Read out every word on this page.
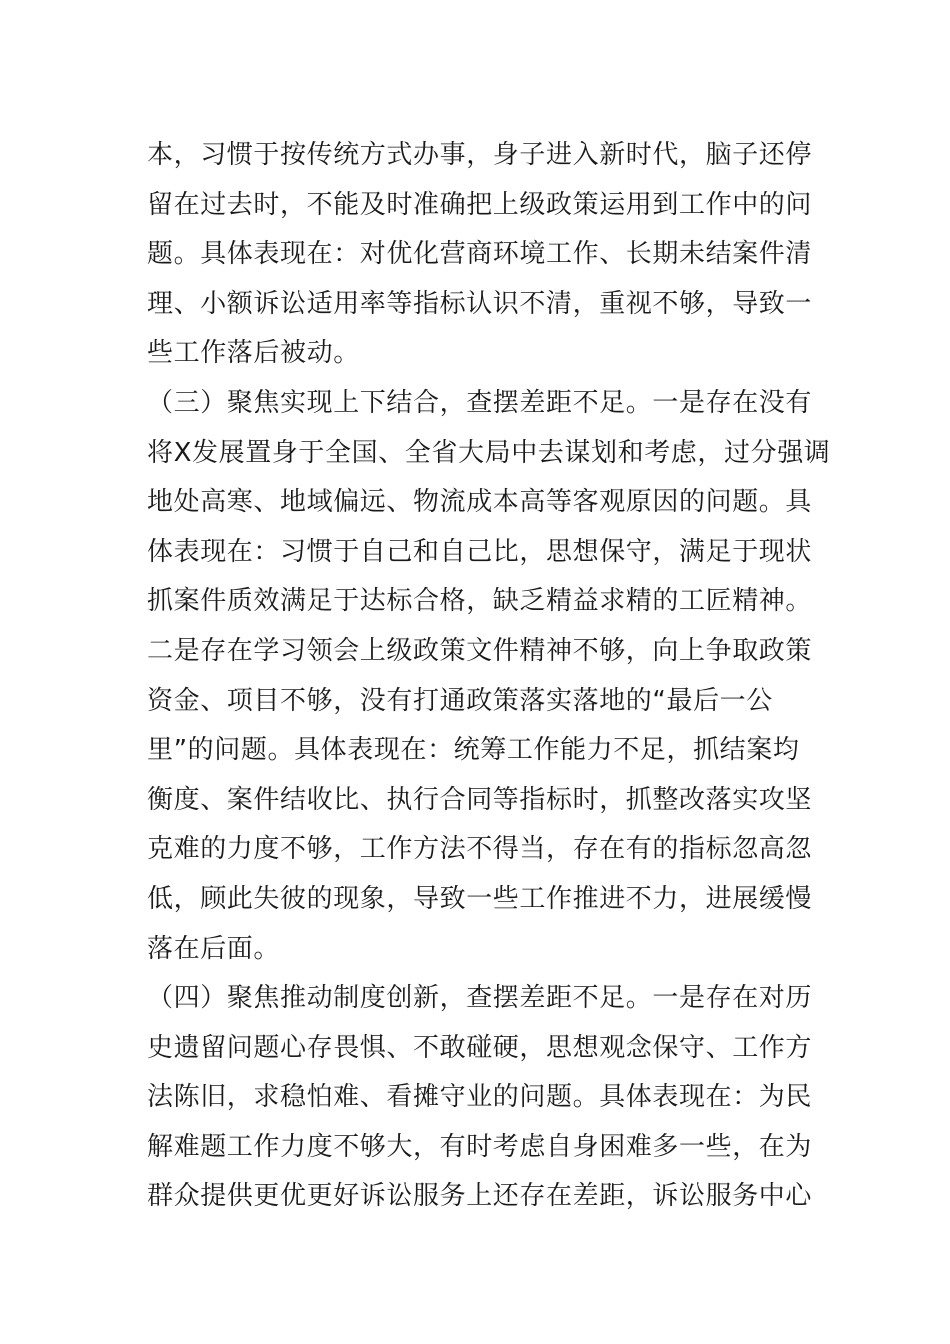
本，习惯于按传统方式办事，身子进入新时代，脑子还停
留在过去时，不能及时准确把上级政策运用到工作中的问
题。具体表现在：对优化营商环境工作、长期未结案件清
理、小额诉讼适用率等指标认识不清，重视不够，导致一
些工作落后被动。
（三）聚焦实现上下结合，查摆差距不足。一是存在没有
将X发展置身于全国、全省大局中去谋划和考虑，过分强调
地处高寒、地域偏远、物流成本高等客观原因的问题。具
体表现在：习惯于自己和自己比，思想保守，满足于现状
抓案件质效满足于达标合格，缺乏精益求精的工匠精神。
二是存在学习领会上级政策文件精神不够，向上争取政策
资金、项目不够，没有打通政策落实落地的“最后一公
里”的问题。具体表现在：统筹工作能力不足，抓结案均
衡度、案件结收比、执行合同等指标时，抓整改落实攻坚
克难的力度不够，工作方法不得当，存在有的指标忽高忽
低，顾此失彼的现象，导致一些工作推进不力，进展缓慢
落在后面。
（四）聚焦推动制度创新，查摆差距不足。一是存在对历
史遗留问题心存畏惧、不敢碰硬，思想观念保守、工作方
法陈旧，求稳怕难、看摊守业的问题。具体表现在：为民
解难题工作力度不够大，有时考虑自身困难多一些，在为
群众提供更优更好诉讼服务上还存在差距，诉讼服务中心
